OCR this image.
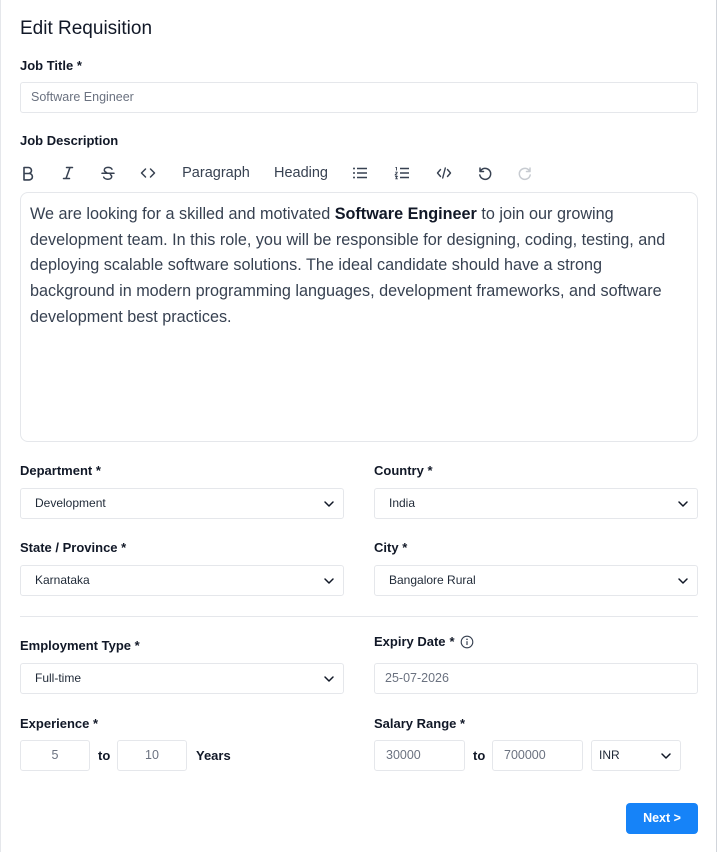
Edit Requisition
Job Title *
Software Engineer
Job Description
Paragraph Heading

We are looking for a skilled and motivated Software Engineer to join our growing development team. In this role, you will be responsible for designing, coding, testing, and deploying scalable software solutions. The ideal candidate should have a strong background in modern programming languages, development frameworks, and software development best practices.

Department *
Development
Country *
India
State / Province *
Karnataka
City *
Bangalore Rural
Employment Type *
Full-time
Expiry Date *
25-07-2026
Experience *
5	to	10	Years
Salary Range *
30000	to	700000	INR
Next >
